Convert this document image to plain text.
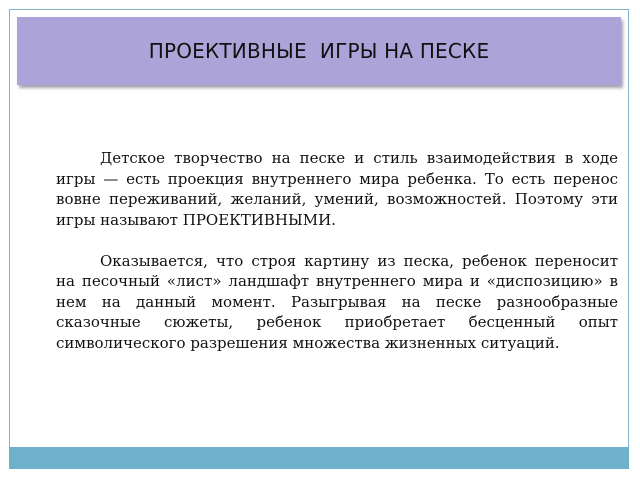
ПРОЕКТИВНЫЕ  ИГРЫ НА ПЕСКЕ

Детское творчество на песке и стиль взаимодействия в ходе игры — есть проекция внутреннего мира ребенка. То есть перенос вовне переживаний, желаний, умений, возможностей. Поэтому эти игры называют ПРОЕКТИВНЫМИ.

Оказывается, что строя картину из песка, ребенок переносит на песочный «лист» ландшафт внутреннего мира и «диспозицию» в нем на данный момент. Разыгрывая на песке разнообразные сказочные сюжеты, ребенок приобретает бесценный опыт символического разрешения множества жизненных ситуаций.
